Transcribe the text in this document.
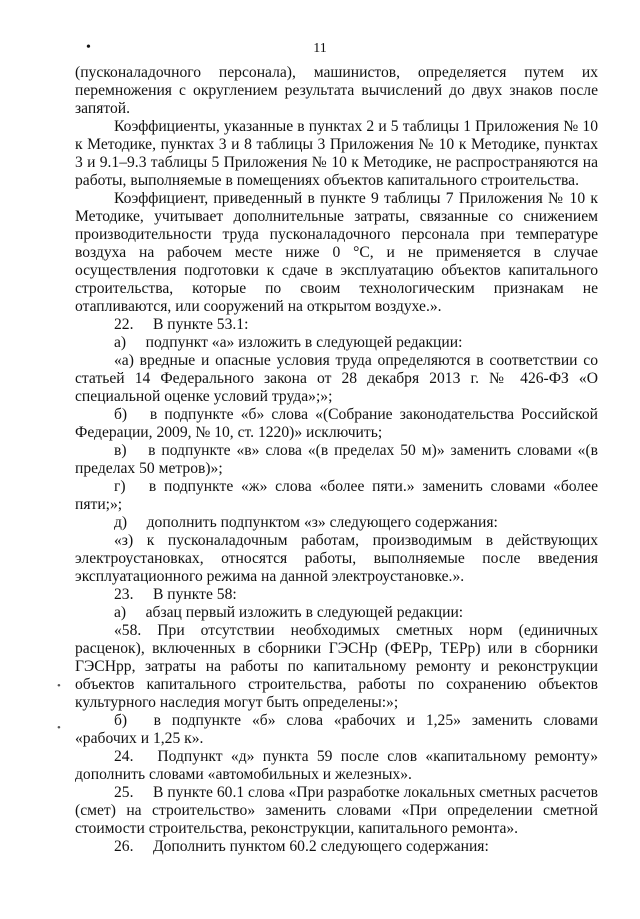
•	11
•
•

(пусконаладочного персонала), машинистов, определяется путем их перемножения с округлением результата вычислений до двух знаков после запятой.

Коэффициенты, указанные в пунктах 2 и 5 таблицы 1 Приложения № 10 к Методике, пунктах 3 и 8 таблицы 3 Приложения № 10 к Методике, пунктах 3 и 9.1–9.3 таблицы 5 Приложения № 10 к Методике, не распространяются на работы, выполняемые в помещениях объектов капитального строительства.

Коэффициент, приведенный в пункте 9 таблицы 7 Приложения № 10 к Методике, учитывает дополнительные затраты, связанные со снижением производительности труда пусконаладочного персонала при температуре воздуха на рабочем месте ниже 0 °С, и не применяется в случае осуществления подготовки к сдаче в эксплуатацию объектов капитального строительства, которые по своим технологическим признакам не отапливаются, или сооружений на открытом воздухе.».

22.  В пункте 53.1:

а)  подпункт «а» изложить в следующей редакции:

«а) вредные и опасные условия труда определяются в соответствии со статьей 14 Федерального закона от 28 декабря 2013 г. № 426-ФЗ «О специальной оценке условий труда»;»;

б)  в подпункте «б» слова «(Собрание законодательства Российской Федерации, 2009, № 10, ст. 1220)» исключить;

в)  в подпункте «в» слова «(в пределах 50 м)» заменить словами «(в пределах 50 метров)»;

г)  в подпункте «ж» слова «более пяти.» заменить словами «более пяти;»;

д)  дополнить подпунктом «з» следующего содержания:

«з) к пусконаладочным работам, производимым в действующих электроустановках, относятся работы, выполняемые после введения эксплуатационного режима на данной электроустановке.».

23.  В пункте 58:

а)  абзац первый изложить в следующей редакции:

«58. При отсутствии необходимых сметных норм (единичных расценок), включенных в сборники ГЭСНр (ФЕРр, ТЕРр) или в сборники ГЭСНрр, затраты на работы по капитальному ремонту и реконструкции объектов капитального строительства, работы по сохранению объектов культурного наследия могут быть определены:»;

б)  в подпункте «б» слова «рабочих и 1,25» заменить словами «рабочих и 1,25 к».

24.  Подпункт «д» пункта 59 после слов «капитальному ремонту» дополнить словами «автомобильных и железных».

25.  В пункте 60.1 слова «При разработке локальных сметных расчетов (смет) на строительство» заменить словами «При определении сметной стоимости строительства, реконструкции, капитального ремонта».

26.  Дополнить пунктом 60.2 следующего содержания:
